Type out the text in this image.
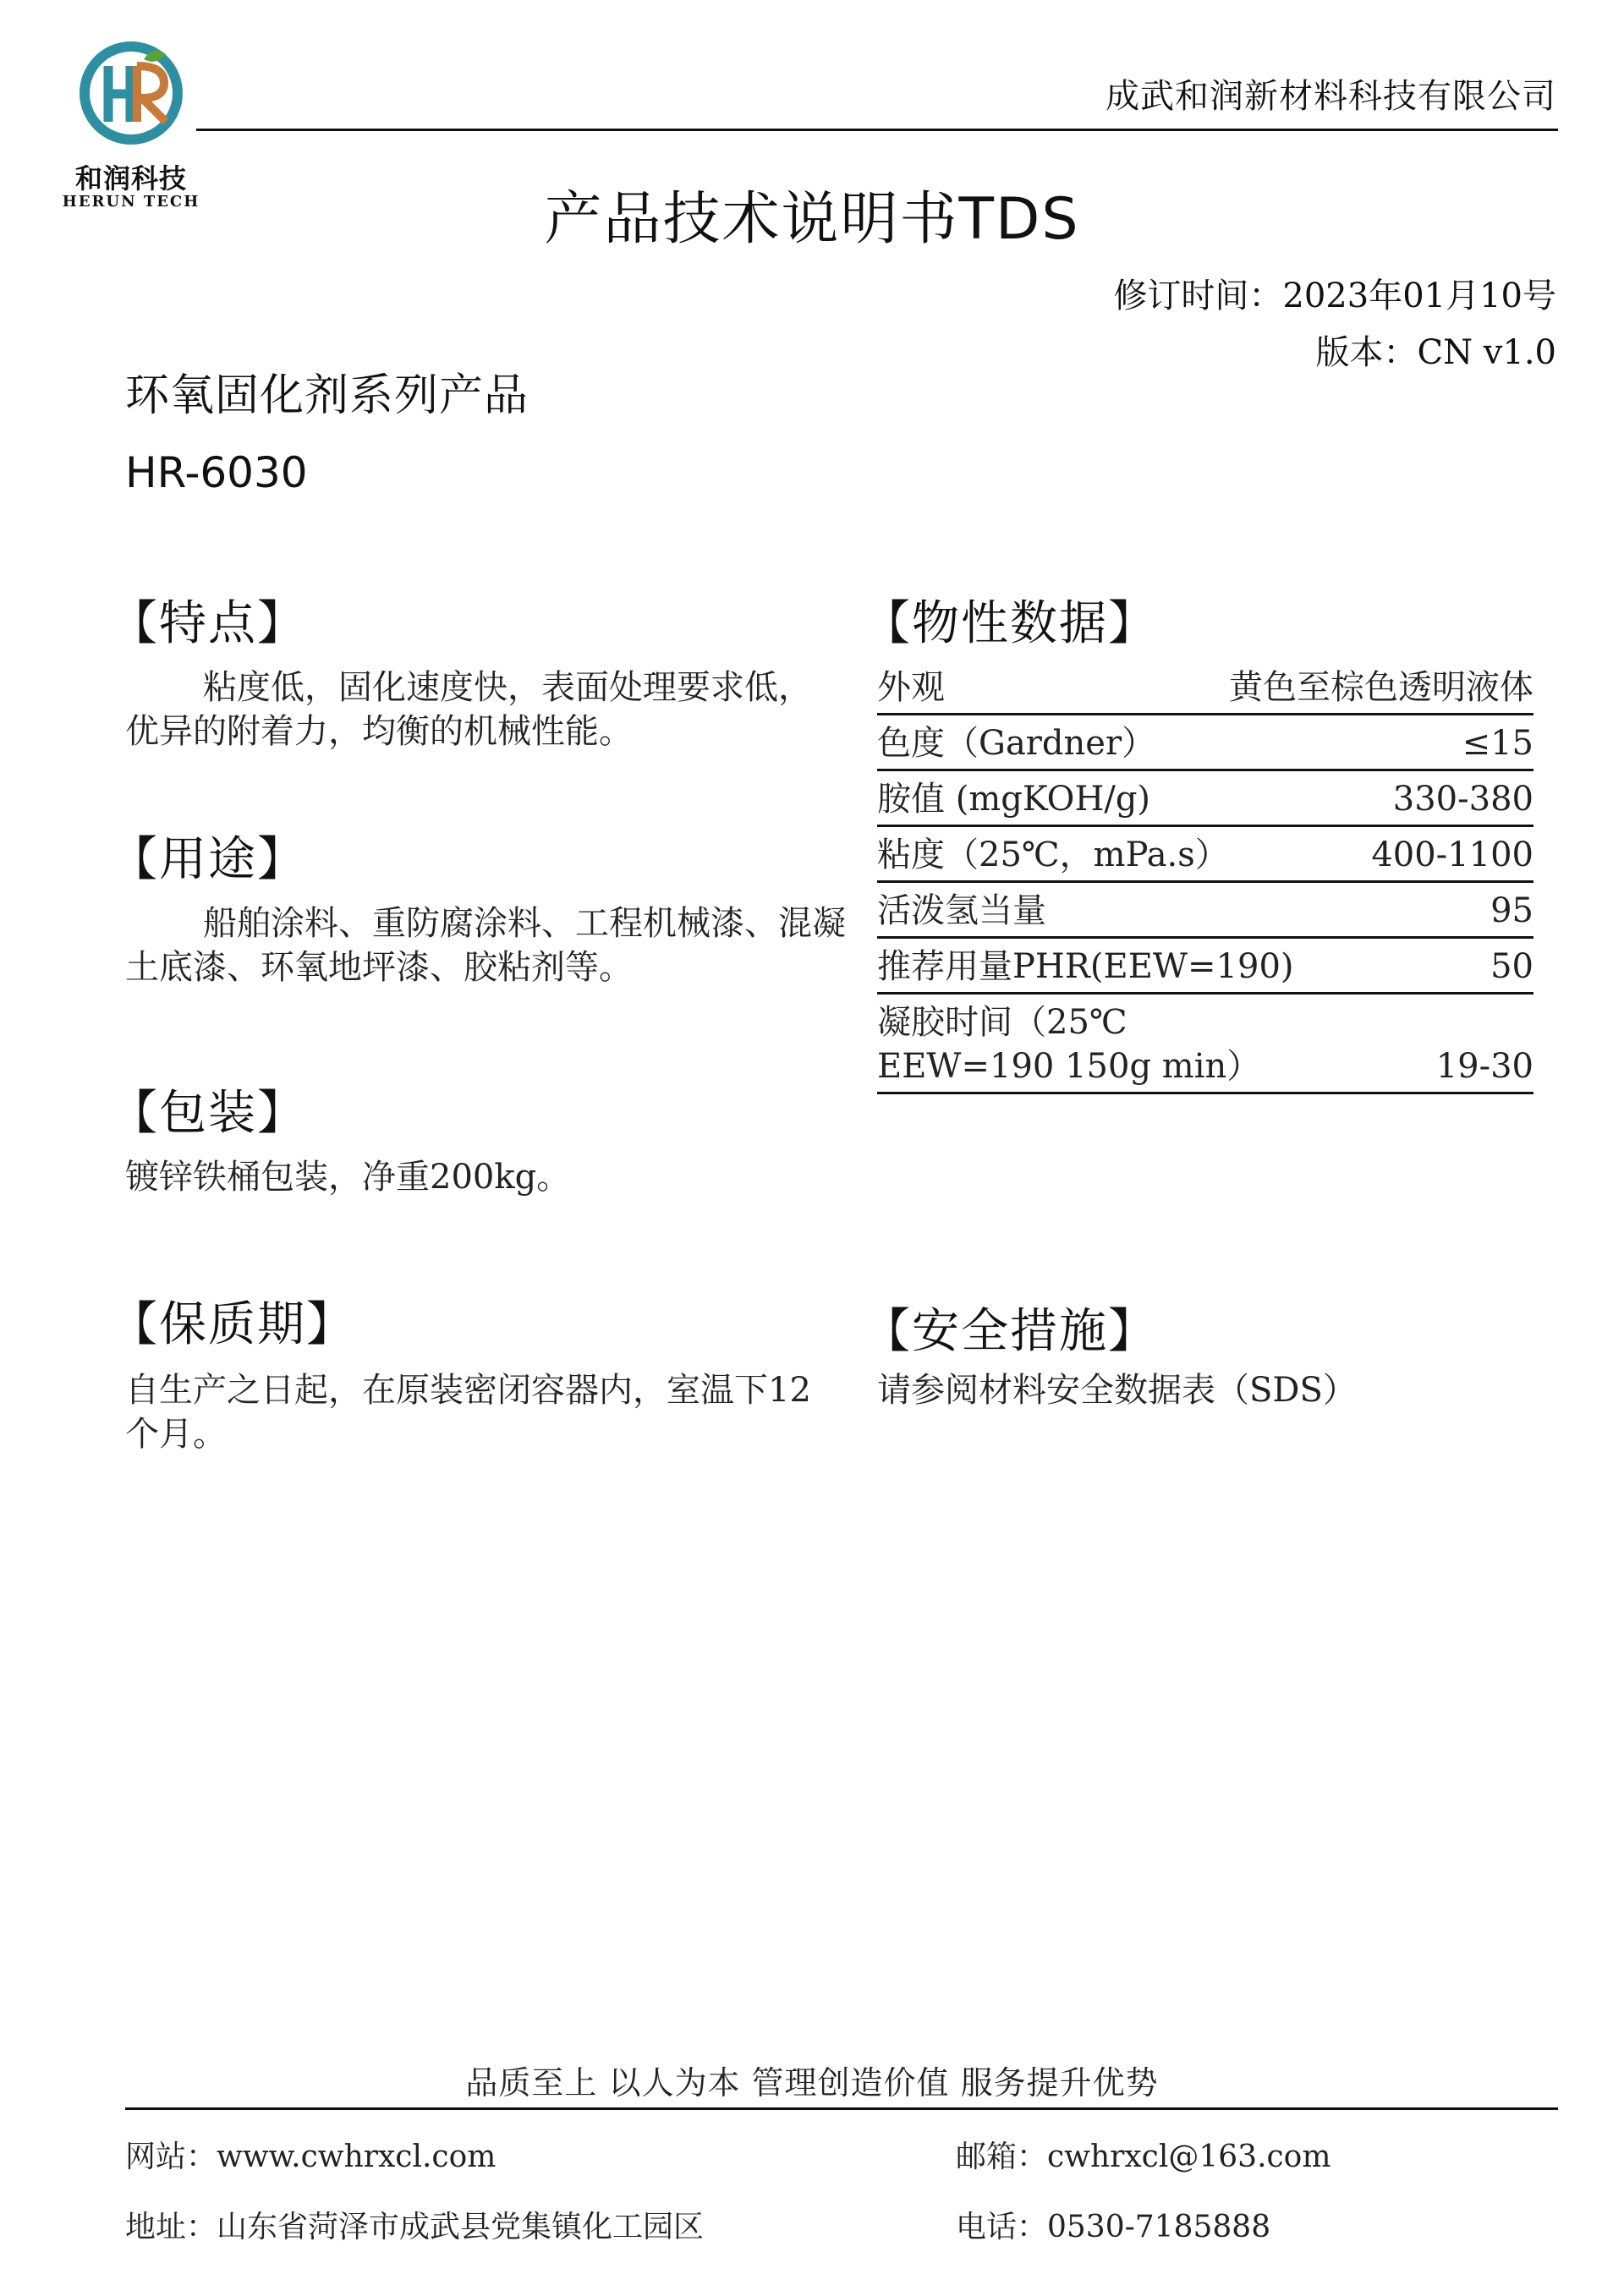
和润科技
HERUN TECH
成武和润新材料科技有限公司
产品技术说明书TDS
修订时间：2023年01月10号
版本：CN v1.0
环氧固化剂系列产品
HR-6030
【特点】
粘度低，固化速度快，表面处理要求低，优异的附着力，均衡的机械性能。
【用途】
船舶涂料、重防腐涂料、工程机械漆、混凝土底漆、环氧地坪漆、胶粘剂等。
【包装】
镀锌铁桶包装，净重200kg。
【保质期】
自生产之日起，在原装密闭容器内，室温下12个月。
【物性数据】
外观	黄色至棕色透明液体
色度（Gardner）	≤15
胺值 (mgKOH/g)	330-380
粘度（25℃，mPa.s）	400-1100
活泼氢当量	95
推荐用量PHR(EEW=190)	50
凝胶时间（25℃
EEW=190 150g min）	19-30
【安全措施】
请参阅材料安全数据表（SDS）
品质至上 以人为本 管理创造价值 服务提升优势
网站：www.cwhrxcl.com	邮箱：cwhrxcl@163.com
地址：山东省菏泽市成武县党集镇化工园区	电话：0530-7185888
